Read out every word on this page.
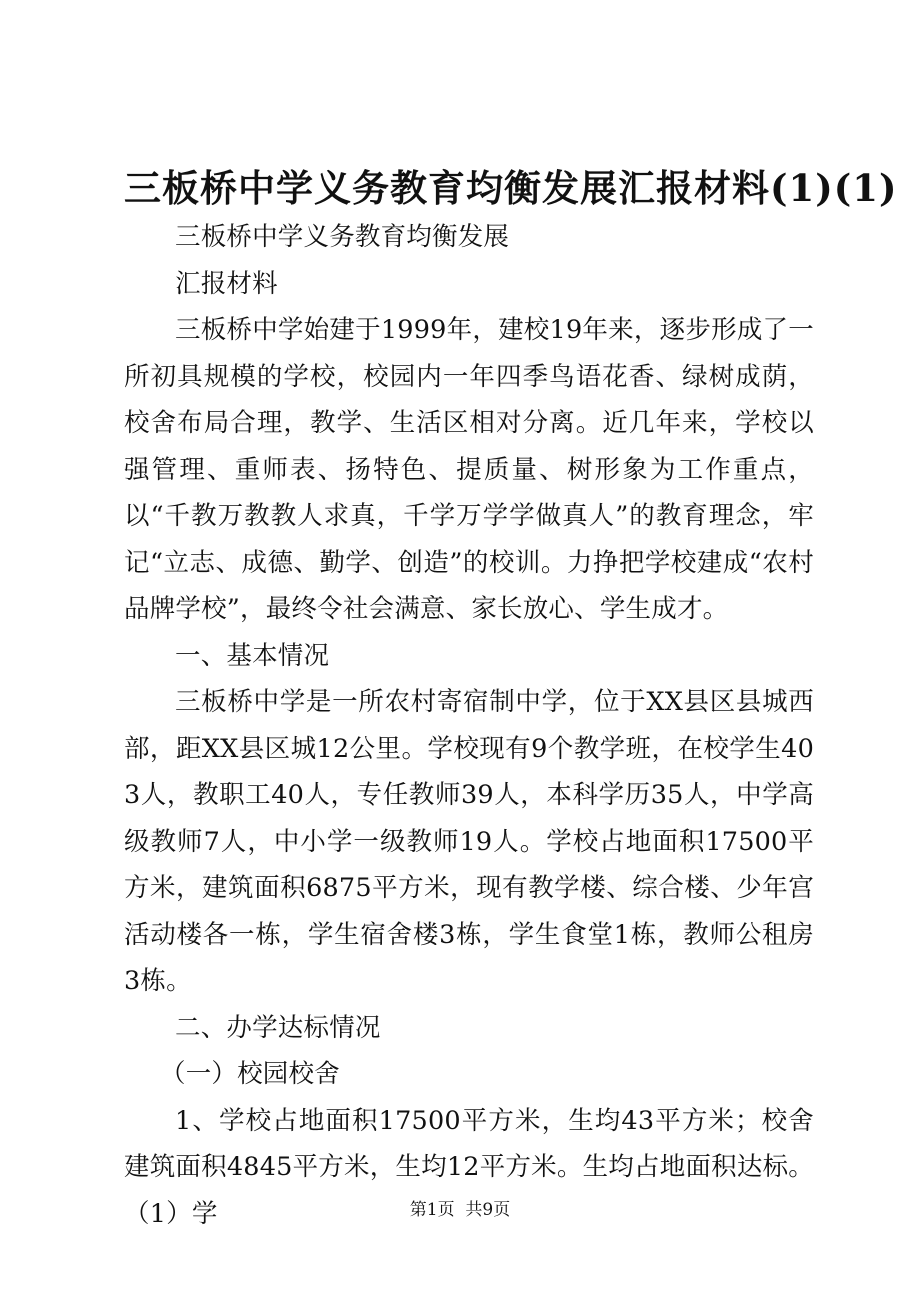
三板桥中学义务教育均衡发展汇报材料(1)(1)

三板桥中学义务教育均衡发展

汇报材料

三板桥中学始建于1999年，建校19年来，逐步形成了一所初具规模的学校，校园内一年四季鸟语花香、绿树成荫，校舍布局合理，教学、生活区相对分离。近几年来，学校以强管理、重师表、扬特色、提质量、树形象为工作重点，以“千教万教教人求真，千学万学学做真人”的教育理念，牢记“立志、成德、勤学、创造”的校训。力挣把学校建成“农村品牌学校”，最终令社会满意、家长放心、学生成才。

一、基本情况

三板桥中学是一所农村寄宿制中学，位于XX县区县城西部，距XX县区城12公里。学校现有9个教学班，在校学生403人，教职工40人，专任教师39人，本科学历35人，中学高级教师7人，中小学一级教师19人。学校占地面积17500平方米，建筑面积6875平方米，现有教学楼、综合楼、少年宫活动楼各一栋，学生宿舍楼3栋，学生食堂1栋，教师公租房3栋。

二、办学达标情况

（一）校园校舍

1、学校占地面积17500平方米，生均43平方米；校舍建筑面积4845平方米，生均12平方米。生均占地面积达标。（1）学	第1页  共9页
